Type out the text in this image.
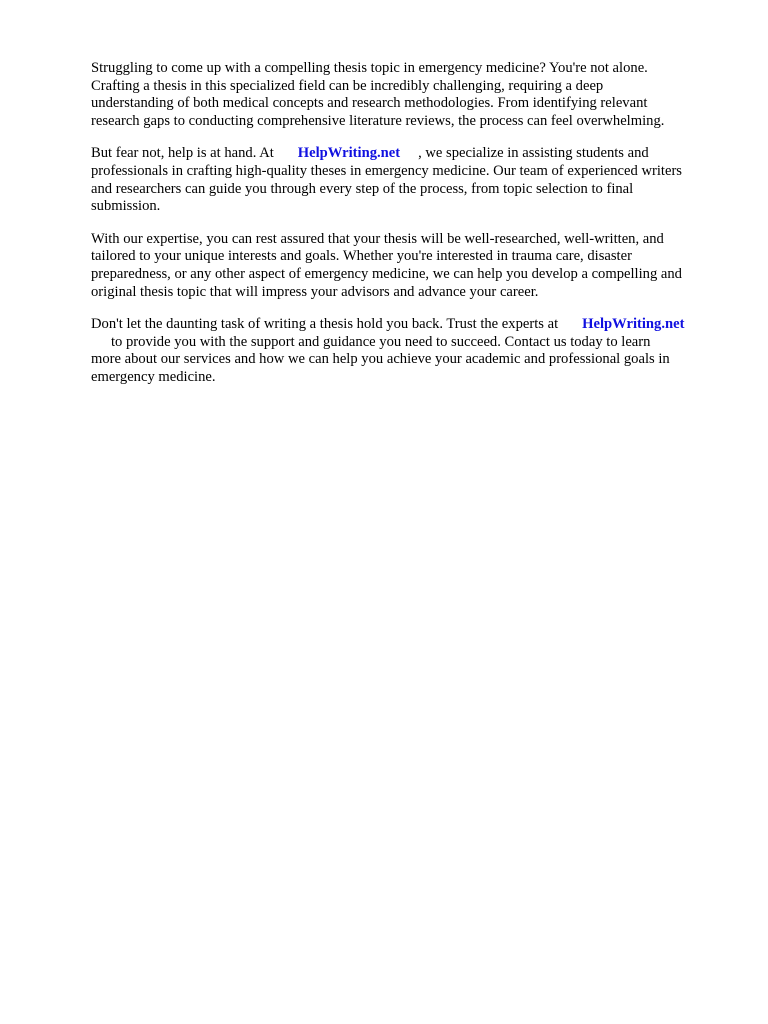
Struggling to come up with a compelling thesis topic in emergency medicine? You're not alone.
Crafting a thesis in this specialized field can be incredibly challenging, requiring a deep
understanding of both medical concepts and research methodologies. From identifying relevant
research gaps to conducting comprehensive literature reviews, the process can feel overwhelming.
But fear not, help is at hand. At HelpWriting.net , we specialize in assisting students and
professionals in crafting high-quality theses in emergency medicine. Our team of experienced writers
and researchers can guide you through every step of the process, from topic selection to final
submission.
With our expertise, you can rest assured that your thesis will be well-researched, well-written, and
tailored to your unique interests and goals. Whether you're interested in trauma care, disaster
preparedness, or any other aspect of emergency medicine, we can help you develop a compelling and
original thesis topic that will impress your advisors and advance your career.
Don't let the daunting task of writing a thesis hold you back. Trust the experts at HelpWriting.net
to provide you with the support and guidance you need to succeed. Contact us today to learn
more about our services and how we can help you achieve your academic and professional goals in
emergency medicine.
